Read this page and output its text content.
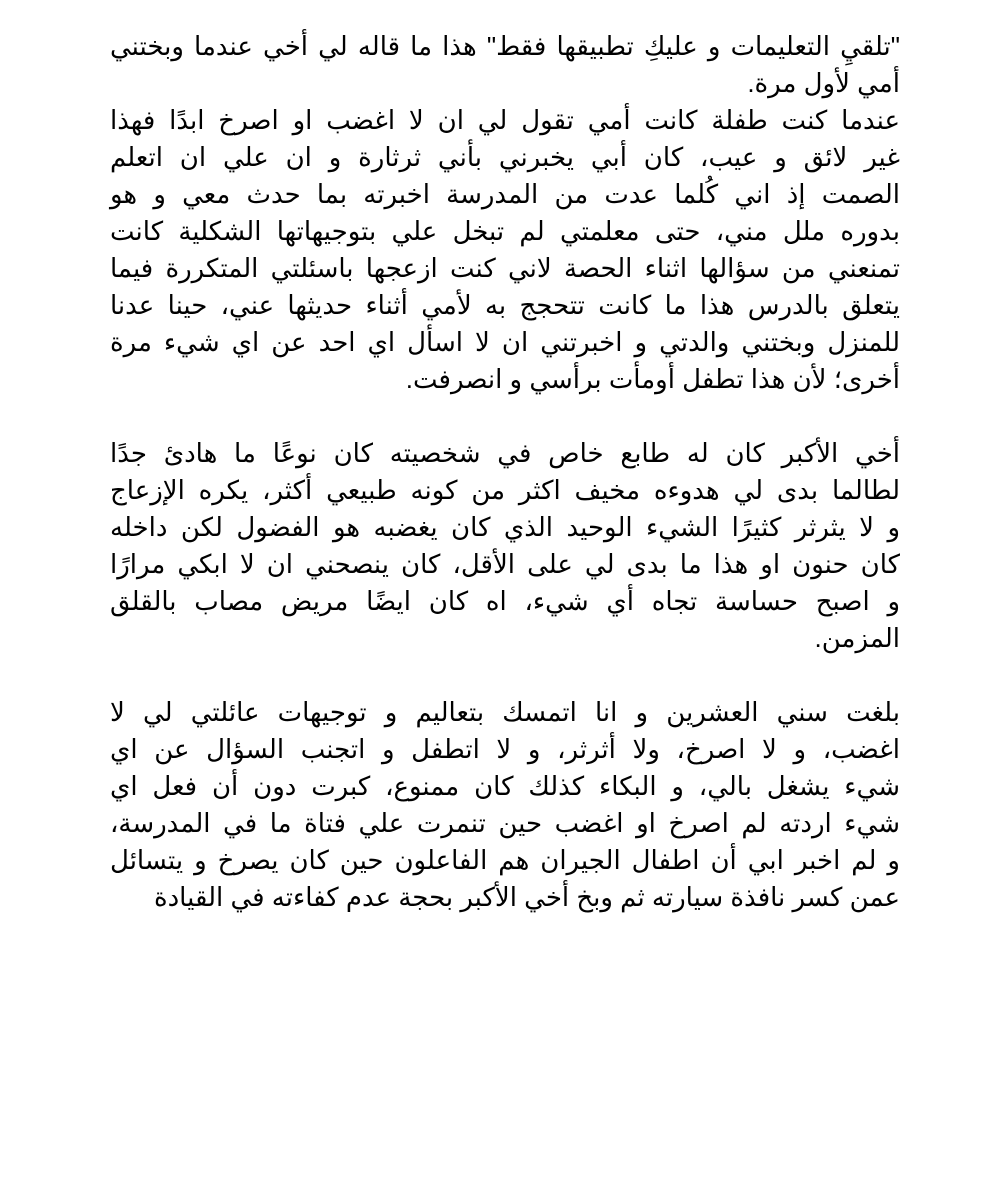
"تلقيِ التعليمات و عليكِ تطبيقها فقط" هذا ما قاله لي أخي عندما وبختني
أمي لأول مرة.
عندما كنت طفلة كانت أمي تقول لي ان لا اغضب او اصرخ ابدًا فهذا
غير لائق و عيب، كان أبي يخبرني بأني ثرثارة و ان علي ان اتعلم
الصمت إذ اني كُلما عدت من المدرسة اخبرته بما حدث معي و هو
بدوره ملل مني، حتى معلمتي لم تبخل علي بتوجيهاتها الشكلية كانت
تمنعني من سؤالها اثناء الحصة لاني كنت ازعجها باسئلتي المتكررة فيما
يتعلق بالدرس هذا ما كانت تتحجج به لأمي أثناء حديثها عني، حينا عدنا
للمنزل وبختني والدتي و اخبرتني ان لا اسأل اي احد عن اي شيء مرة
أخرى؛ لأن هذا تطفل أومأت برأسي و انصرفت.
أخي الأكبر كان له طابع خاص في شخصيته كان نوعًا ما هادئ جدًا
لطالما بدى لي هدوءه مخيف اكثر من كونه طبيعي أكثر، يكره الإزعاج
و لا يثرثر كثيرًا الشيء الوحيد الذي كان يغضبه هو الفضول لكن داخله
كان حنون او هذا ما بدى لي على الأقل، كان ينصحني ان لا ابكي مرارًا
و اصبح حساسة تجاه أي شيء، اه كان ايضًا مريض مصاب بالقلق
المزمن.
بلغت سني العشرين و انا اتمسك بتعاليم و توجيهات عائلتي لي لا
اغضب، و لا اصرخ، ولا أثرثر، و لا اتطفل و اتجنب السؤال عن اي
شيء يشغل بالي، و البكاء كذلك كان ممنوع، كبرت دون أن فعل اي
شيء اردته لم اصرخ او اغضب حين تنمرت علي فتاة ما في المدرسة،
و لم اخبر ابي أن اطفال الجيران هم الفاعلون حين كان يصرخ و يتسائل
عمن كسر نافذة سيارته ثم وبخ أخي الأكبر بحجة عدم كفاءته في القيادة
